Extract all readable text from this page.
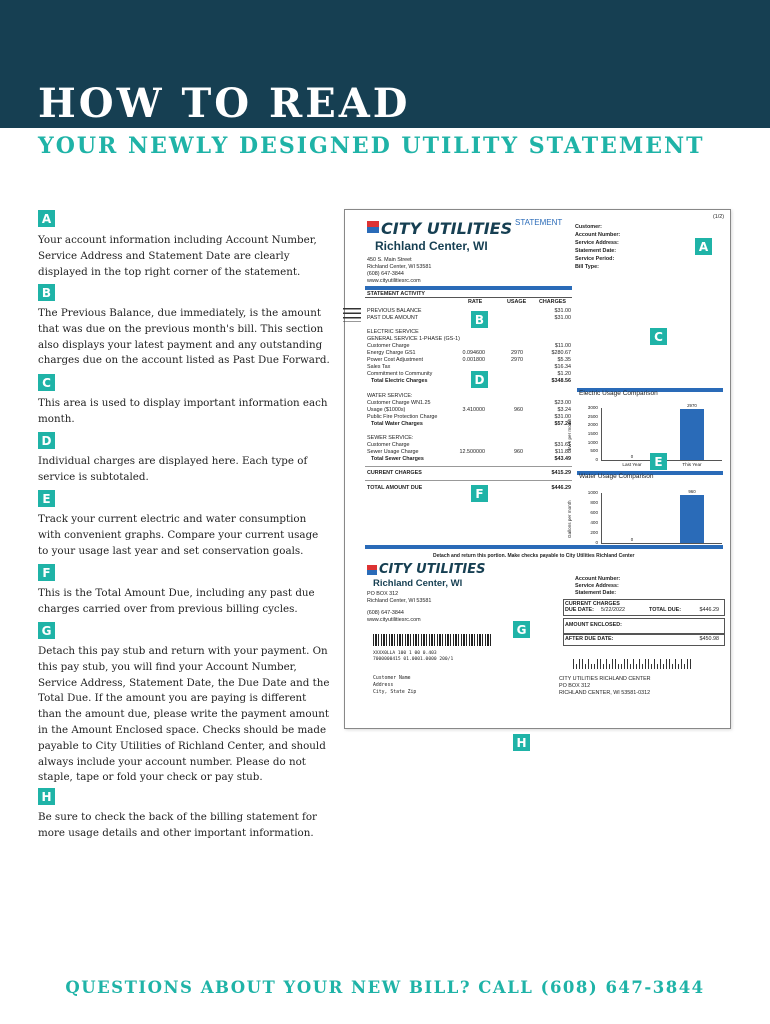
HOW TO READ
YOUR NEWLY DESIGNED UTILITY STATEMENT
A
Your account information including Account Number, Service Address and Statement Date are clearly displayed in the top right corner of the statement.
B
The Previous Balance, due immediately, is the amount that was due on the previous month's bill. This section also displays your latest payment and any outstanding charges due on the account listed as Past Due Forward.
C
This area is used to display important information each month.
D
Individual charges are displayed here. Each type of service is subtotaled.
E
Track your current electric and water consumption with convenient graphs. Compare your current usage to your usage last year and set conservation goals.
F
This is the Total Amount Due, including any past due charges carried over from previous billing cycles.
G
Detach this pay stub and return with your payment. On this pay stub, you will find your Account Number, Service Address, Statement Date, the Due Date and the Total Due. If the amount you are paying is different than the amount due, please write the payment amount in the Amount Enclosed space. Checks should be made payable to City Utilities of Richland Center, and should always include your account number. Please do not staple, tape or fold your check or pay stub.
H
Be sure to check the back of the billing statement for more usage details and other important information.
(1/2)
STATEMENT
CITY UTILITIES
Richland Center, WI
450 S. Main Street
Richland Center, WI 53581
(608) 647-3844
www.cityutilitiesrc.com
Customer:
Account Number:
Service Address:
Statement Date:
Service Period:
Bill Type:
A
STATEMENT ACTIVITY
RATE	USAGE CHARGES
PREVIOUS BALANCE	$31.00
PAST DUE AMOUNT	$31.00
B
ELECTRIC SERVICE
GENERAL SERVICE 1-PHASE (GS-1)
Customer Charge	$11.00
Energy Charge GS1	0.094600	2970	$280.67
Power Cost Adjustment	0.001800	2970	$5.35
Sales Tax	$16.34
Commitment to Community	$1.20
Total Electric Charges	$348.56
D
WATER SERVICE:
Customer Charge WN1.25	$23.00
Usage ($1000s)	3.410000	960	$3.24
Public Fire Protection Charge	$31.00
Total Water Charges	$57.24
SEWER SERVICE:
Customer Charge	$31.61
Sewer Usage Charge	12.500000	960	$11.88
Total Sewer Charges	$43.49
CURRENT CHARGES	$415.29
TOTAL AMOUNT DUE	$446.29
F
C
Electric Usage Comparison
kWh per month
0
500
1000
1500
2000
2500
3000
0
Last Year
2970
This Year
E
Water Usage Comparison
Gallons per month
0
200
400
600
800
1000
0
960
Detach and return this portion. Make checks payable to City Utilities Richland Center
CITY UTILITIES
Richland Center, WI
PO BOX 312
Richland Center, WI 53581
(608) 647-3844
www.cityutilitiesrc.com
Account Number:
Service Address:
Statement Date:
CURRENT CHARGES
DUE DATE: 5/22/2022	TOTAL DUE:	$446.29
AMOUNT ENCLOSED:
AFTER DUE DATE:	$450.98
G
XXXX0LLA 100 1 00 0.403
7000000415 01.0001.0000 200/1
Customer Name
Address
City, State Zip
CITY UTILITIES RICHLAND CENTER
PO BOX 312
RICHLAND CENTER, WI 53581-0312
H
QUESTIONS ABOUT YOUR NEW BILL? CALL (608) 647-3844
